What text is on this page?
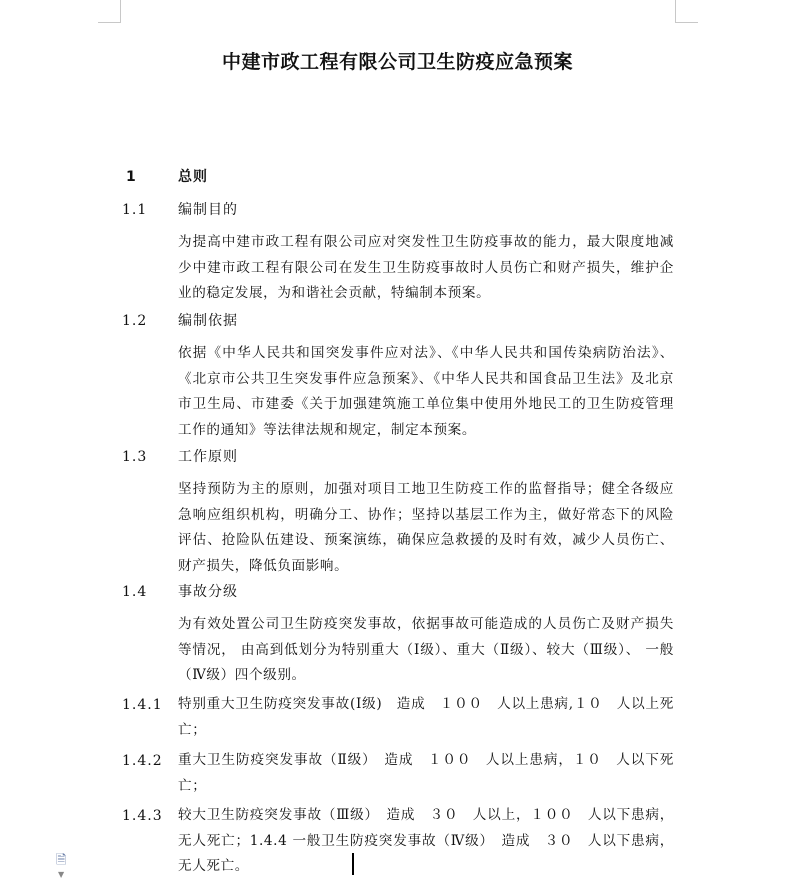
中建市政工程有限公司卫生防疫应急预案
1	总则
1.1 编制目的

为提高中建市政工程有限公司应对突发性卫生防疫事故的能力，最大限度地减 少中建市政工程有限公司在发生卫生防疫事故时人员伤亡和财产损失，维护企业的稳定发展，为和谐社会贡献，特编制本预案。

1.2 编制依据

依据《中华人民共和国突发事件应对法》、《中华人民共和国传染病防治法》、《北京市公共卫生突发事件应急预案》、《中华人民共和国食品卫生法》及北京市卫生局、市建委《关于加强建筑施工单位集中使用外地民工的卫生防疫管理工作的通知》等法律法规和规定，制定本预案。

1.3 工作原则

坚持预防为主的原则，加强对项目工地卫生防疫工作的监督指导；健全各级应急响应组织机构，明确分工、协作；坚持以基层工作为主，做好常态下的风险评估、抢险队伍建设、预案演练，确保应急救援的及时有效，减少人员伤亡、财产损失，降低负面影响。

1.4 事故分级

为有效处置公司卫生防疫突发事故，依据事故可能造成的人员伤亡及财产损失等情况， 由高到低划分为特别重大（Ⅰ级）、重大（Ⅱ级）、较大（Ⅲ级）、 一般（Ⅳ级）四个级别。

1.4.1 特别重大卫生防疫突发事故(Ⅰ级)　造成　１００　人以上患病,１０　人以上死亡；

1.4.2 重大卫生防疫突发事故（Ⅱ级）　造成　１００　人以上患病，１０　人以下死亡；

1.4.3 较大卫生防疫突发事故（Ⅲ级）　造成　３０　人以上，１００　人以下患病，无人死亡；1.4.4 一般卫生防疫突发事故（Ⅳ级）　造成　３０　人以下患病，无人死亡。

🗎▼
